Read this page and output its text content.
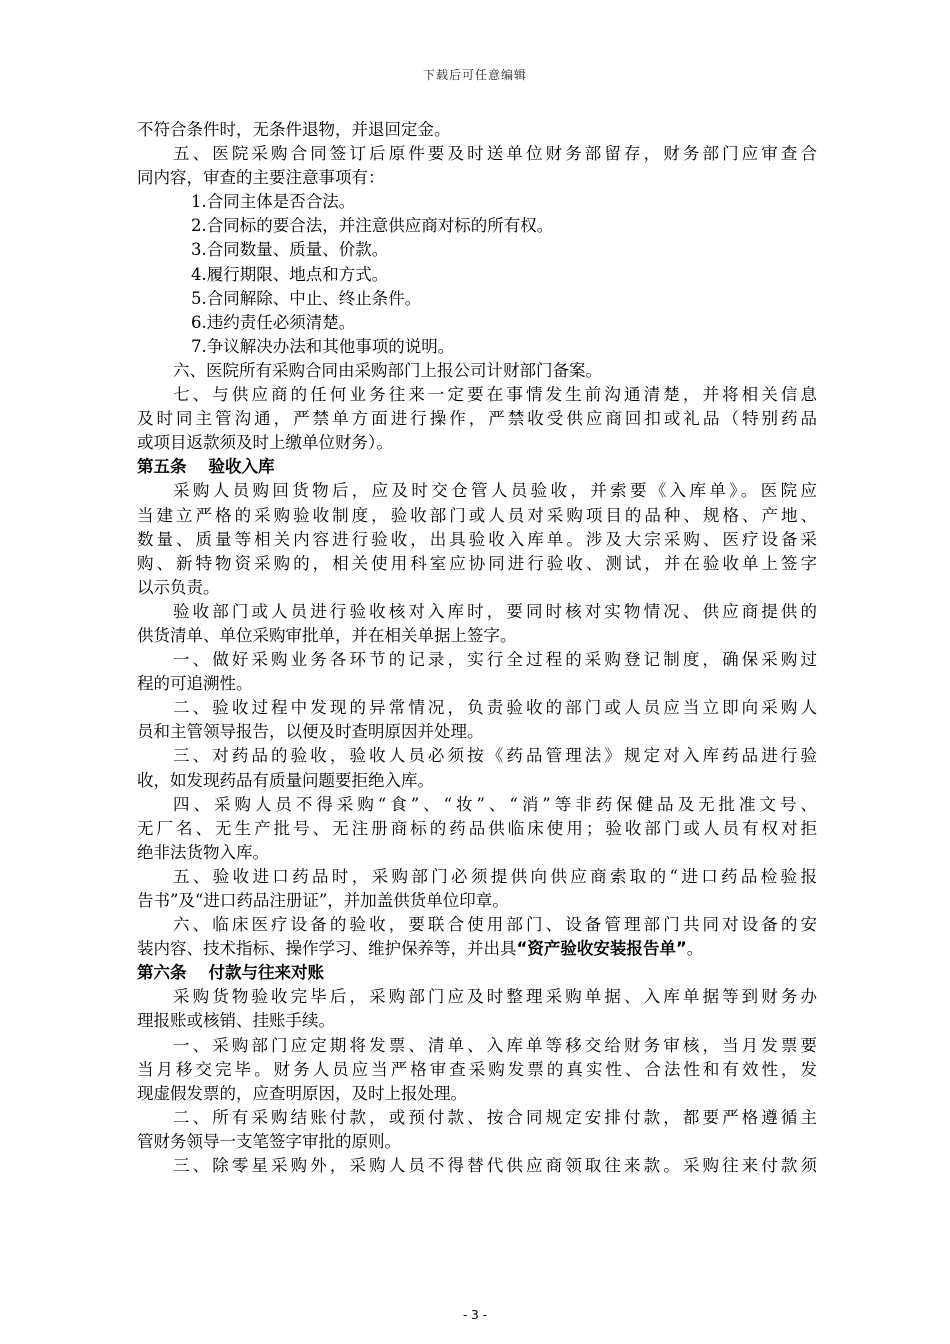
下载后可任意编辑
不符合条件时，无条件退物，并退回定金。
五、医院采购合同签订后原件要及时送单位财务部留存，财务部门应审查合
同内容，审查的主要注意事项有：
1.合同主体是否合法。
2.合同标的要合法，并注意供应商对标的所有权。
3.合同数量、质量、价款。
4.履行期限、地点和方式。
5.合同解除、中止、终止条件。
6.违约责任必须清楚。
7.争议解决办法和其他事项的说明。
六、医院所有采购合同由采购部门上报公司计财部门备案。
七、与供应商的任何业务往来一定要在事情发生前沟通清楚，并将相关信息
及时同主管沟通，严禁单方面进行操作，严禁收受供应商回扣或礼品（特别药品
或项目返款须及时上缴单位财务）。
第五条 验收入库
采购人员购回货物后，应及时交仓管人员验收，并索要《入库单》。医院应
当建立严格的采购验收制度，验收部门或人员对采购项目的品种、规格、产地、
数量、质量等相关内容进行验收，出具验收入库单。涉及大宗采购、医疗设备采
购、新特物资采购的，相关使用科室应协同进行验收、测试，并在验收单上签字
以示负责。
验收部门或人员进行验收核对入库时，要同时核对实物情况、供应商提供的
供货清单、单位采购审批单，并在相关单据上签字。
一、做好采购业务各环节的记录，实行全过程的采购登记制度，确保采购过
程的可追溯性。
二、验收过程中发现的异常情况，负责验收的部门或人员应当立即向采购人
员和主管领导报告，以便及时查明原因并处理。
三、对药品的验收，验收人员必须按《药品管理法》规定对入库药品进行验
收，如发现药品有质量问题要拒绝入库。
四、采购人员不得采购“食”、“妆”、“消”等非药保健品及无批准文号、
无厂名、无生产批号、无注册商标的药品供临床使用；验收部门或人员有权对拒
绝非法货物入库。
五、验收进口药品时，采购部门必须提供向供应商索取的“进口药品检验报
告书”及“进口药品注册证”，并加盖供货单位印章。
六、临床医疗设备的验收，要联合使用部门、设备管理部门共同对设备的安
装内容、技术指标、操作学习、维护保养等，并出具“资产验收安装报告单”。
第六条 付款与往来对账
采购货物验收完毕后，采购部门应及时整理采购单据、入库单据等到财务办
理报账或核销、挂账手续。
一、采购部门应定期将发票、清单、入库单等移交给财务审核，当月发票要
当月移交完毕。财务人员应当严格审查采购发票的真实性、合法性和有效性，发
现虚假发票的，应查明原因，及时上报处理。
二、所有采购结账付款，或预付款、按合同规定安排付款，都要严格遵循主
管财务领导一支笔签字审批的原则。
三、除零星采购外，采购人员不得替代供应商领取往来款。采购往来付款须
- 3 -
